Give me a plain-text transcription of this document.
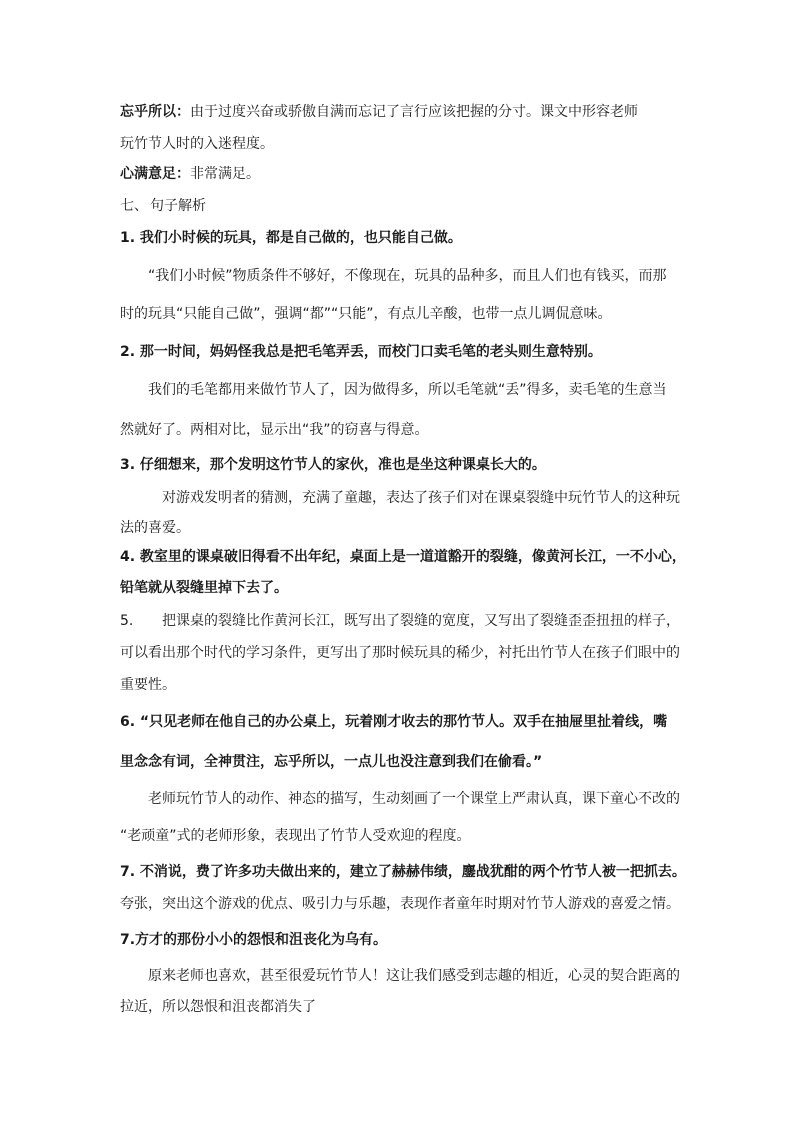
忘乎所以：由于过度兴奋或骄傲自满而忘记了言行应该把握的分寸。课文中形容老师
玩竹节人时的入迷程度。
心满意足：非常满足。
七、 句子解析
1. 我们小时候的玩具，都是自己做的，也只能自己做。
“我们小时候”物质条件不够好，不像现在，玩具的品种多，而且人们也有钱买，而那
时的玩具“只能自己做”，强调“都”“只能”，有点儿辛酸，也带一点儿调侃意味。
2. 那一时间，妈妈怪我总是把毛笔弄丢，而校门口卖毛笔的老头则生意特别。
我们的毛笔都用来做竹节人了，因为做得多，所以毛笔就“丢”得多，卖毛笔的生意当
然就好了。两相对比，显示出“我”的窃喜与得意。
3. 仔细想来，那个发明这竹节人的家伙，准也是坐这种课桌长大的。
对游戏发明者的猜测，充满了童趣，表达了孩子们对在课桌裂缝中玩竹节人的这种玩
法的喜爱。
4. 教室里的课桌破旧得看不出年纪，桌面上是一道道豁开的裂缝，像黄河长江，一不小心，
铅笔就从裂缝里掉下去了。
5. 把课桌的裂缝比作黄河长江，既写出了裂缝的宽度，又写出了裂缝歪歪扭扭的样子，
可以看出那个时代的学习条件，更写出了那时候玩具的稀少，衬托出竹节人在孩子们眼中的
重要性。
6. “只见老师在他自己的办公桌上，玩着刚才收去的那竹节人。双手在抽屉里扯着线，嘴
里念念有词，全神贯注，忘乎所以，一点儿也没注意到我们在偷看。”
老师玩竹节人的动作、神态的描写，生动刻画了一个课堂上严肃认真，课下童心不改的
“老顽童”式的老师形象，表现出了竹节人受欢迎的程度。
7. 不消说，费了许多功夫做出来的，建立了赫赫伟绩，鏖战犹酣的两个竹节人被一把抓去。
夸张，突出这个游戏的优点、吸引力与乐趣，表现作者童年时期对竹节人游戏的喜爱之情。
7.方才的那份小小的怨恨和沮丧化为乌有。
原来老师也喜欢，甚至很爱玩竹节人！这让我们感受到志趣的相近，心灵的契合距离的
拉近，所以怨恨和沮丧都消失了
